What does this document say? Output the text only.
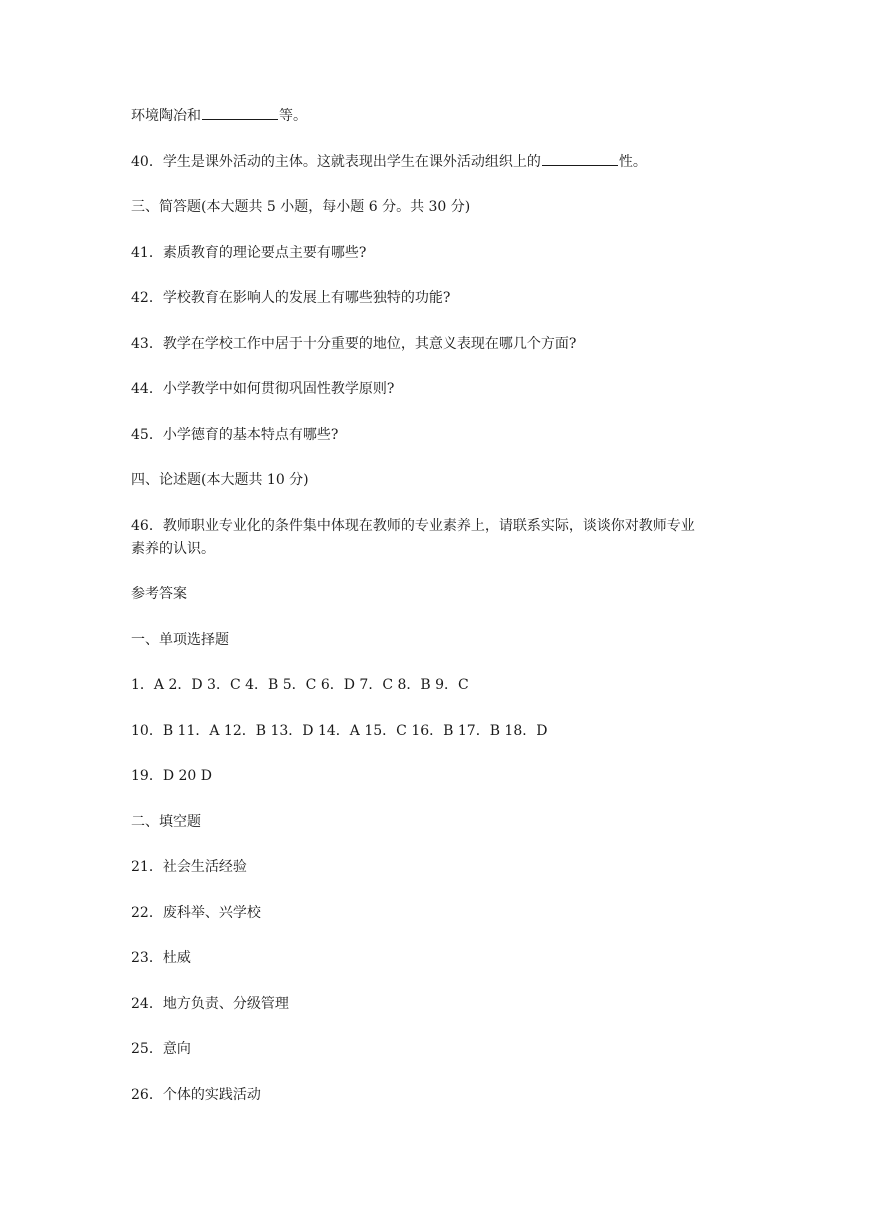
环境陶冶和	等。
40．学生是课外活动的主体。这就表现出学生在课外活动组织上的	性。
三、简答题(本大题共 5 小题，每小题 6 分。共 30 分)
41．素质教育的理论要点主要有哪些?
42．学校教育在影响人的发展上有哪些独特的功能?
43．教学在学校工作中居于十分重要的地位，其意义表现在哪几个方面?
44．小学教学中如何贯彻巩固性教学原则?
45．小学德育的基本特点有哪些?
四、论述题(本大题共 10 分)
46．教师职业专业化的条件集中体现在教师的专业素养上，请联系实际，谈谈你对教师专业
素养的认识。
参考答案
一、单项选择题
1．A 2．D 3．C 4．B 5．C 6．D 7．C 8．B 9．C
10．B 11．A 12．B 13．D 14．A 15．C 16．B 17．B 18．D
19．D 20 D
二、填空题
21．社会生活经验
22．废科举、兴学校
23．杜威
24．地方负责、分级管理
25．意向
26．个体的实践活动
